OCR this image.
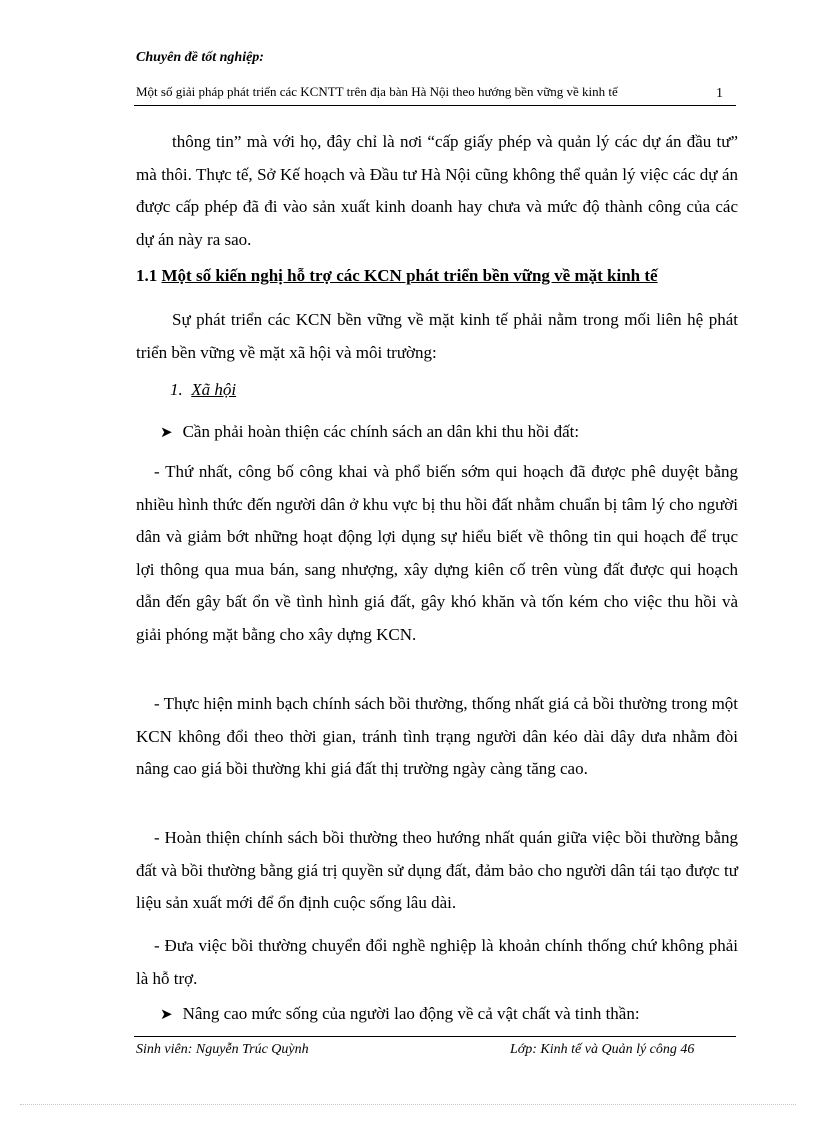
Chuyên đề tốt nghiệp:
Một số giải pháp phát triển các KCNTT trên địa bàn Hà Nội theo hướng bền vững về kinh tế	1
thông tin” mà với họ, đây chỉ là nơi “cấp giấy phép và quản lý các dự án đầu tư” mà thôi. Thực tế, Sở Kế hoạch và Đầu tư Hà Nội cũng không thể quản lý việc các dự án được cấp phép đã đi vào sản xuất kinh doanh hay chưa và mức độ thành công của các dự án này ra sao.
1.1 Một số kiến nghị hỗ trợ các KCN phát triển bền vững về mặt kinh tế
Sự phát triển các KCN bền vững về mặt kinh tế phải nằm trong mối liên hệ phát triển bền vững về mặt xã hội và môi trường:
1. Xã hội
➤ Cần phải hoàn thiện các chính sách an dân khi thu hồi đất:
- Thứ nhất, công bố công khai và phổ biến sớm qui hoạch đã được phê duyệt bằng nhiều hình thức đến người dân ở khu vực bị thu hồi đất nhằm chuẩn bị tâm lý cho người dân và giảm bớt những hoạt động lợi dụng sự hiểu biết về thông tin qui hoạch để trục lợi thông qua mua bán, sang nhượng, xây dựng kiên cố trên vùng đất được qui hoạch dẫn đến gây bất ổn về tình hình giá đất, gây khó khăn và tốn kém cho việc thu hồi và giải phóng mặt bằng cho xây dựng KCN.
- Thực hiện minh bạch chính sách bồi thường, thống nhất giá cả bồi thường trong một KCN không đổi theo thời gian, tránh tình trạng người dân kéo dài dây dưa nhằm đòi nâng cao giá bồi thường khi giá đất thị trường ngày càng tăng cao.
- Hoàn thiện chính sách bồi thường theo hướng nhất quán giữa việc bồi thường bằng đất và bồi thường bằng giá trị quyền sử dụng đất, đảm bảo cho người dân tái tạo được tư liệu sản xuất mới để ổn định cuộc sống lâu dài.
- Đưa việc bồi thường chuyển đổi nghề nghiệp là khoản chính thống chứ không phải là hỗ trợ.
➤ Nâng cao mức sống của người lao động về cả vật chất và tinh thần:
Sinh viên: Nguyễn Trúc Quỳnh	Lớp: Kinh tế và Quản lý công 46
